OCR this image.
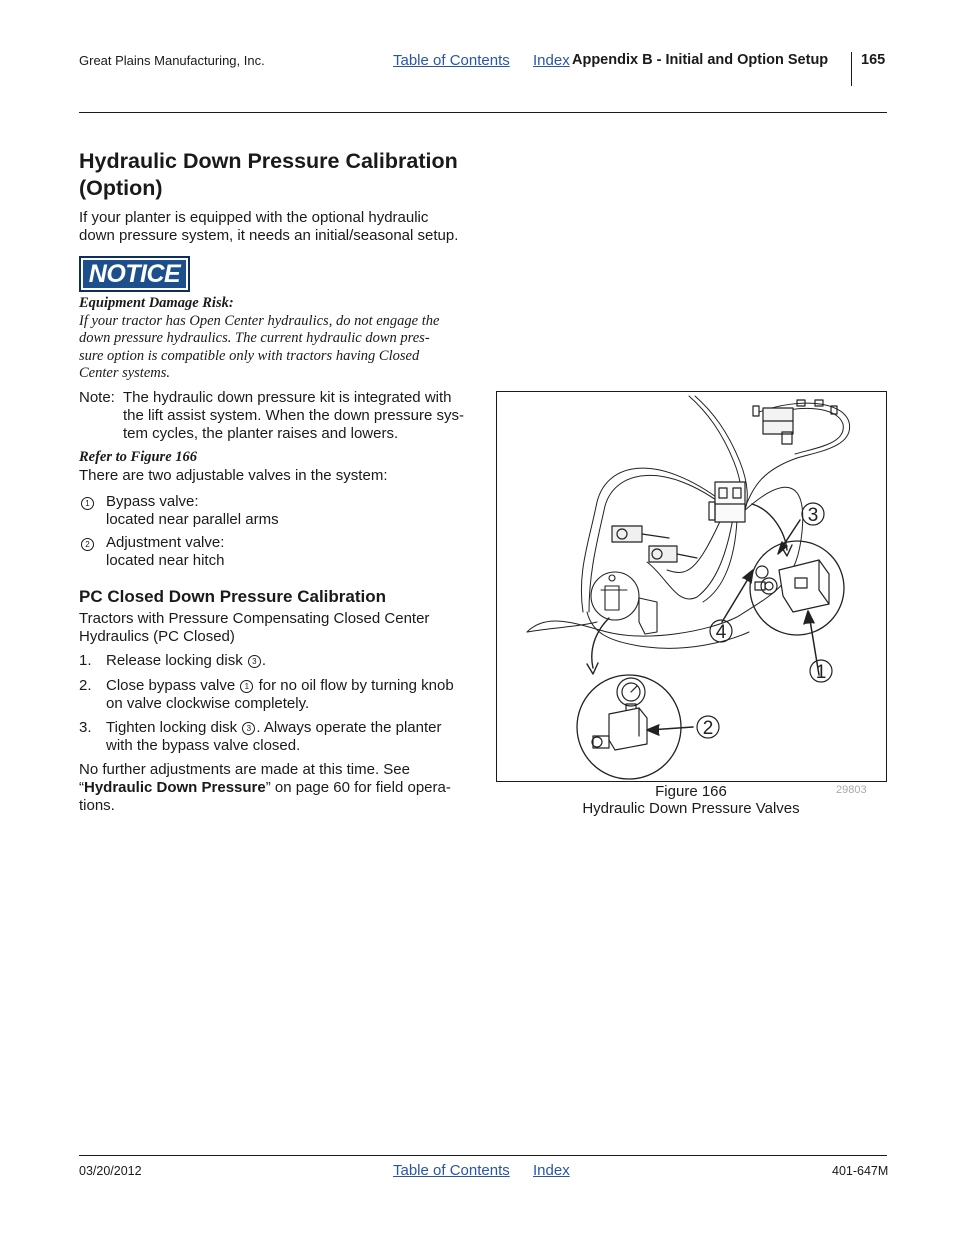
Great Plains Manufacturing, Inc.	Table of Contents Index Appendix B - Initial and Option Setup 165
Hydraulic Down Pressure Calibration
(Option)

If your planter is equipped with the optional hydraulic

down pressure system, it needs an initial/seasonal setup.

NOTICE
Equipment Damage Risk:
If your tractor has Open Center hydraulics, do not engage the
down pressure hydraulics. The current hydraulic down pres-
sure option is compatible only with tractors having Closed
Center systems.
Note: The hydraulic down pressure kit is integrated with

the lift assist system. When the down pressure sys-

tem cycles, the planter raises and lowers.

Refer to Figure 166
There are two adjustable valves in the system:
1 Bypass valve:
located near parallel arms
2 Adjustment valve:
located near hitch
PC Closed Down Pressure Calibration

Tractors with Pressure Compensating Closed Center

Hydraulics (PC Closed)

1. Release locking disk 3 .
2. Close bypass valve 1 for no oil flow by turning knob
on valve clockwise completely.
3. Tighten locking disk 3 . Always operate the planter
with the bypass valve closed.

No further adjustments are made at this time. See

“Hydraulic Down Pressure” on page 60 for field opera-

tions.

3
4
1
2
Figure 166
Hydraulic Down Pressure Valves
29803
03/20/2012	Table of Contents Index	401-647M
